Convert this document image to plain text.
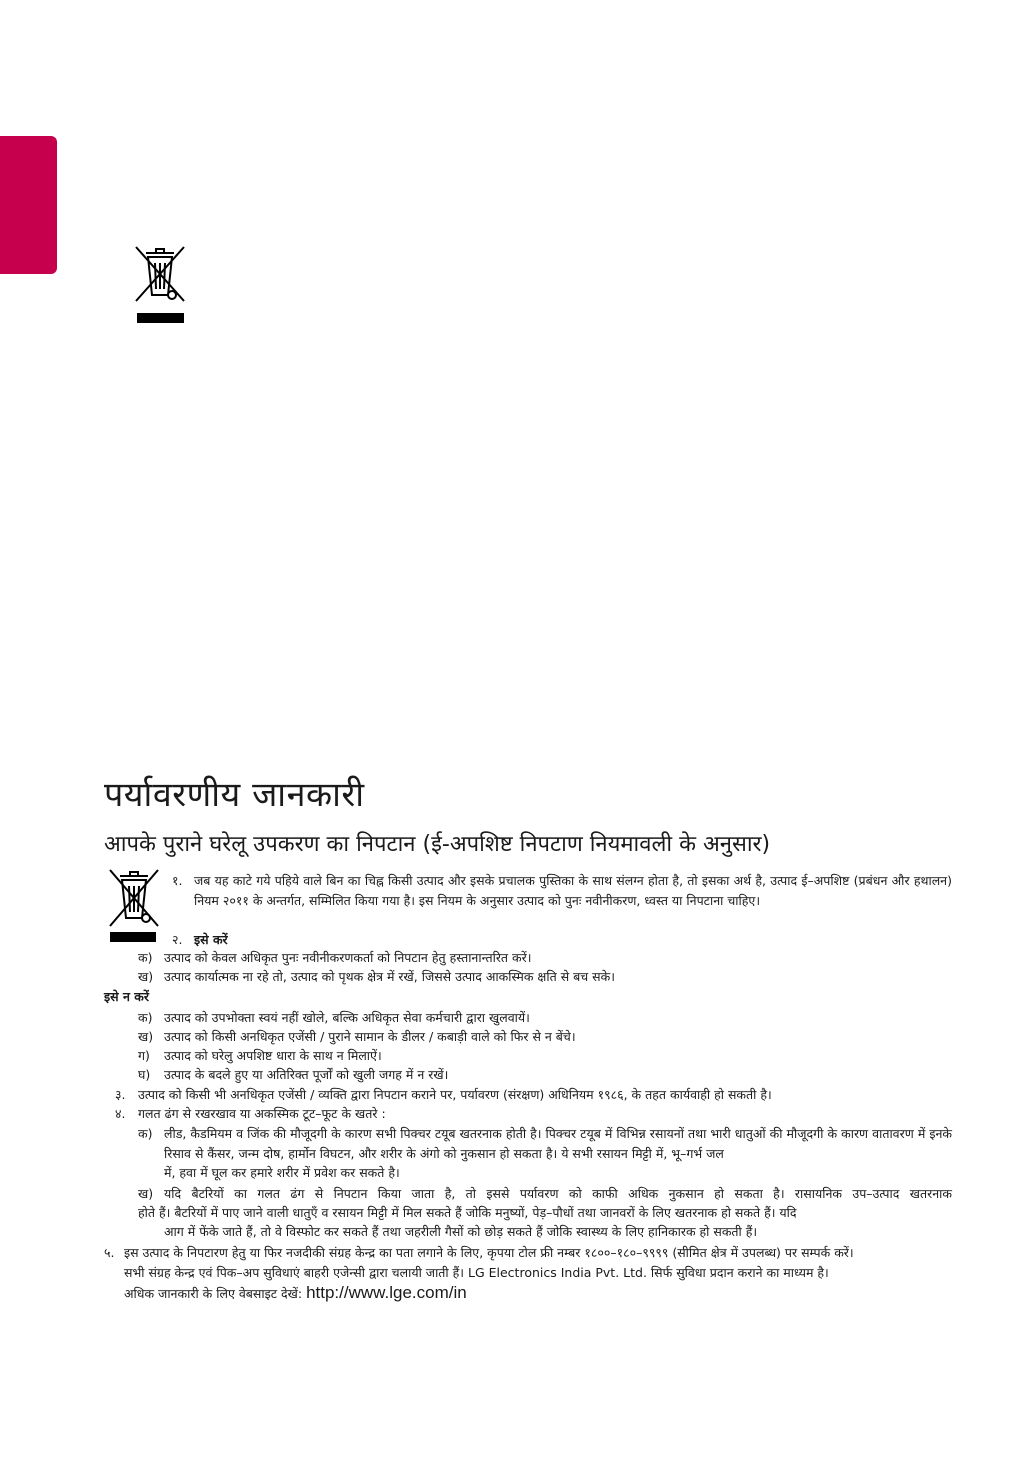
पर्यावरणीय जानकारी
आपके पुराने घरेलू उपकरण का निपटान (ई-अपशिष्ट निपटाण नियमावली के अनुसार)
१. जब यह काटे गये पहिये वाले बिन का चिह्न किसी उत्पाद और इसके प्रचालक पुस्तिका के साथ संलग्न होता है, तो इसका अर्थ है, उत्पाद ई–अपशिष्ट (प्रबंधन और हथालन) नियम २०११ के अन्तर्गत, सम्मिलित किया गया है। इस नियम के अनुसार उत्पाद को पुनः नवीनीकरण, ध्वस्त या निपटाना चाहिए।
२. इसे करें
क) उत्पाद को केवल अधिकृत पुनः नवीनीकरणकर्ता को निपटान हेतु हस्तानान्तरित करें।
ख) उत्पाद कार्यात्मक ना रहे तो, उत्पाद को पृथक क्षेत्र में रखें, जिससे उत्पाद आकस्मिक क्षति से बच सके।
इसे न करें
क) उत्पाद को उपभोक्ता स्वयं नहीं खोले, बल्कि अधिकृत सेवा कर्मचारी द्वारा खुलवायें।
ख) उत्पाद को किसी अनधिकृत एजेंसी / पुराने सामान के डीलर / कबाड़ी वाले को फिर से न बेंचे।
ग) उत्पाद को घरेलु अपशिष्ट धारा के साथ न मिलाऐं।
घ) उत्पाद के बदले हुए या अतिरिक्त पूर्जों को खुली जगह में न रखें।
३. उत्पाद को किसी भी अनधिकृत एजेंसी / व्यक्ति द्वारा निपटान कराने पर, पर्यावरण (संरक्षण) अधिनियम १९८६, के तहत कार्यवाही हो सकती है।
४. गलत ढंग से रखरखाव या अकस्मिक टूट–फूट के खतरे :
क) लीड, कैडमियम व जिंक की मौजूदगी के कारण सभी पिक्चर टयूब खतरनाक होती है। पिक्चर टयूब में विभिन्न रसायनों तथा भारी धातुओं की मौजूदगी के कारण वातावरण में इनके रिसाव से कैंसर, जन्म दोष, हार्मोन विघटन, और शरीर के अंगो को नुकसान हो सकता है। ये सभी रसायन मिट्टी में, भू–गर्भ जल
में, हवा में घूल कर हमारे शरीर में प्रवेश कर सकते है।
ख) यदि बैटरियों का गलत ढंग से निपटान किया जाता है, तो इससे पर्यावरण को काफी अधिक नुकसान हो सकता है। रासायनिक उप–उत्पाद खतरनाक
होते हैं। बैटरियों में पाए जाने वाली धातुएँ व रसायन मिट्टी में मिल सकते हैं जोकि मनुष्यों, पेड़–पौधों तथा जानवरों के लिए खतरनाक हो सकते हैं। यदि
आग में फेंके जाते हैं, तो वे विस्फोट कर सकते हैं तथा जहरीली गैसों को छोड़ सकते हैं जोकि स्वास्थ्य के लिए हानिकारक हो सकती हैं।
५. इस उत्पाद के निपटारण हेतु या फिर नजदीकी संग्रह केन्द्र का पता लगाने के लिए, कृपया टोल फ्री नम्बर १८००–१८०–९९९९ (सीमित क्षेत्र में उपलब्ध) पर सम्पर्क करें।
सभी संग्रह केन्द्र एवं पिक–अप सुविधाएं बाहरी एजेन्सी द्वारा चलायी जाती हैं। LG Electronics India Pvt. Ltd. सिर्फ सुविधा प्रदान कराने का माध्यम है।
अधिक जानकारी के लिए वेबसाइट देखें: http://www.lge.com/in
